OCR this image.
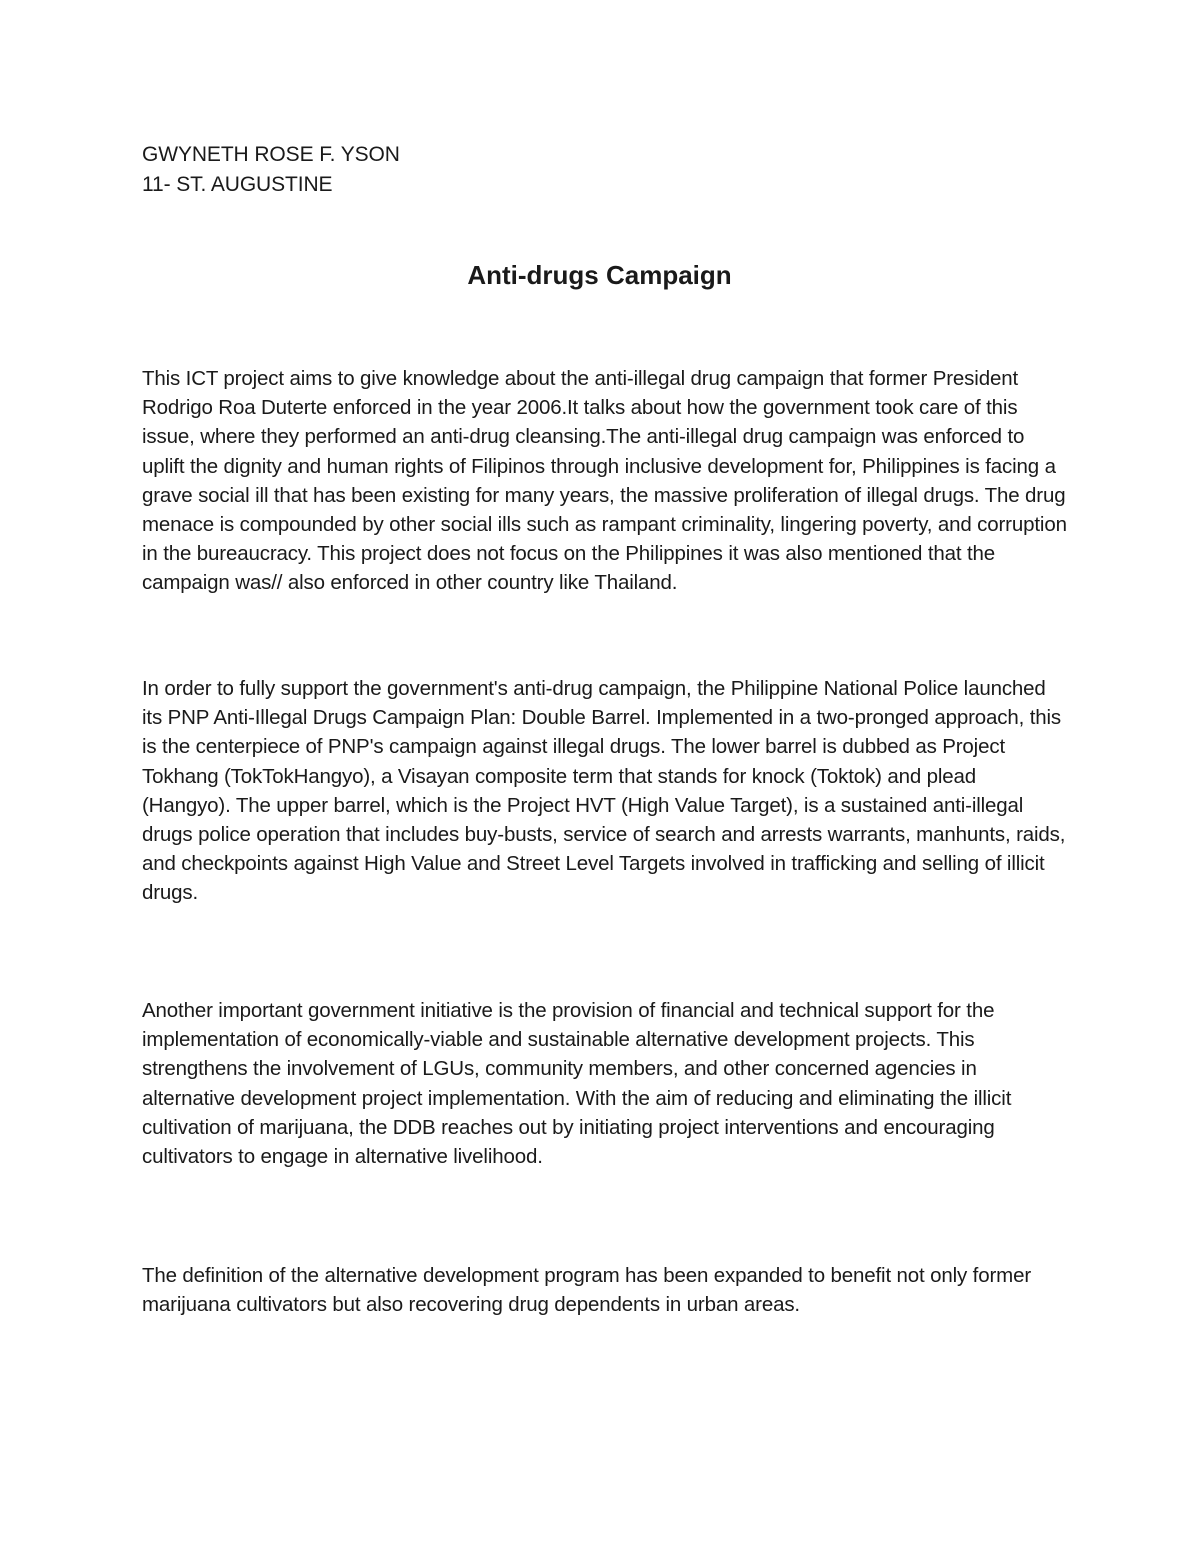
GWYNETH ROSE F. YSON

11- ST. AUGUSTINE

Anti-drugs Campaign

This ICT project aims to give knowledge about the anti-illegal drug campaign that former President Rodrigo Roa Duterte enforced in the year 2006.It talks about how the government took care of this issue, where they performed an anti-drug cleansing.The anti-illegal drug campaign was enforced to uplift the dignity and human rights of Filipinos through inclusive development for, Philippines is facing a grave social ill that has been existing for many years, the massive proliferation of illegal drugs. The drug menace is compounded by other social ills such as rampant criminality, lingering poverty, and corruption in the bureaucracy. This project does not focus on the Philippines it was also mentioned that the campaign was// also enforced in other country like Thailand.

In order to fully support the government's anti-drug campaign, the Philippine National Police launched its PNP Anti-Illegal Drugs Campaign Plan: Double Barrel. Implemented in a two-pronged approach, this is the centerpiece of PNP's campaign against illegal drugs. The lower barrel is dubbed as Project Tokhang (TokTokHangyo), a Visayan composite term that stands for knock (Toktok) and plead (Hangyo). The upper barrel, which is the Project HVT (High Value Target), is a sustained anti-illegal drugs police operation that includes buy-busts, service of search and arrests warrants, manhunts, raids, and checkpoints against High Value and Street Level Targets involved in trafficking and selling of illicit drugs.

Another important government initiative is the provision of financial and technical support for the implementation of economically-viable and sustainable alternative development projects. This strengthens the involvement of LGUs, community members, and other concerned agencies in alternative development project implementation. With the aim of reducing and eliminating the illicit cultivation of marijuana, the DDB reaches out by initiating project interventions and encouraging cultivators to engage in alternative livelihood.

The definition of the alternative development program has been expanded to benefit not only former marijuana cultivators but also recovering drug dependents in urban areas.
